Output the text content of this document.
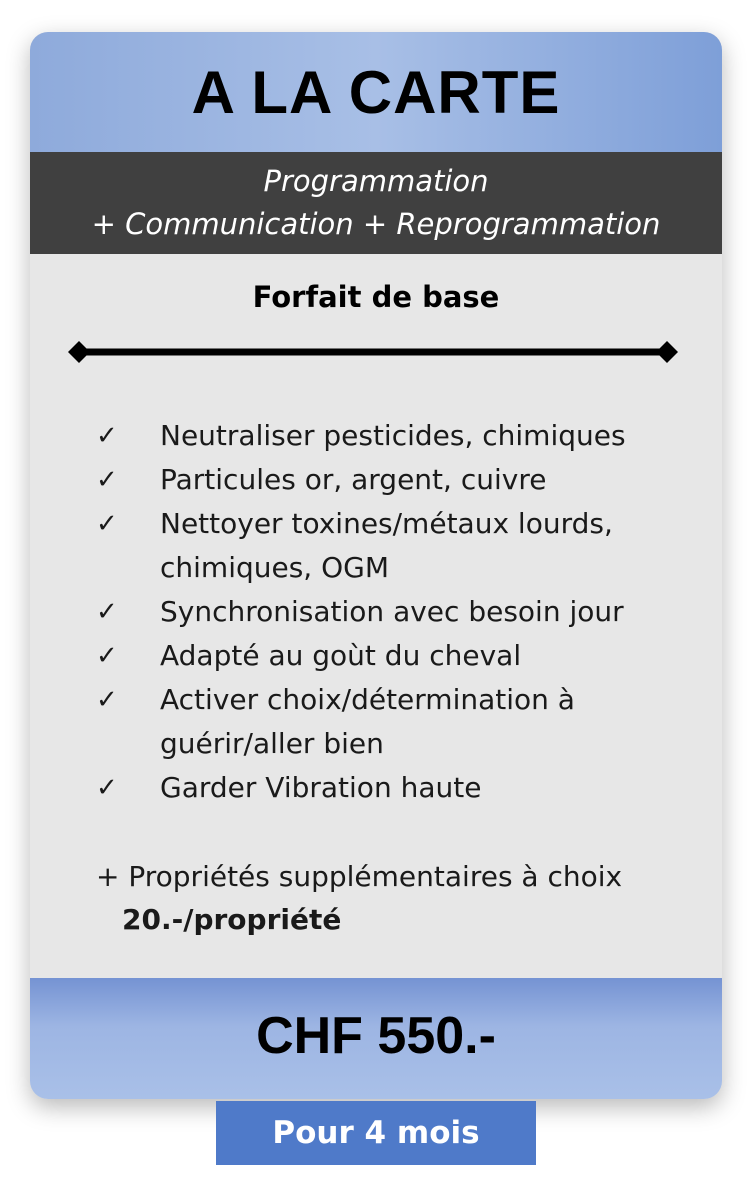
A LA CARTE
Programmation
+ Communication + Reprogrammation
Forfait de base
✓ Neutraliser pesticides, chimiques
✓ Particules or, argent, cuivre
✓ Nettoyer toxines/métaux lourds, chimiques, OGM
✓ Synchronisation avec besoin jour
✓ Adapté au goùt du cheval
✓ Activer choix/détermination à guérir/aller bien
✓ Garder Vibration haute
+ Propriétés supplémentaires à choix
20.-/propriété
CHF 550.-
Pour 4 mois
